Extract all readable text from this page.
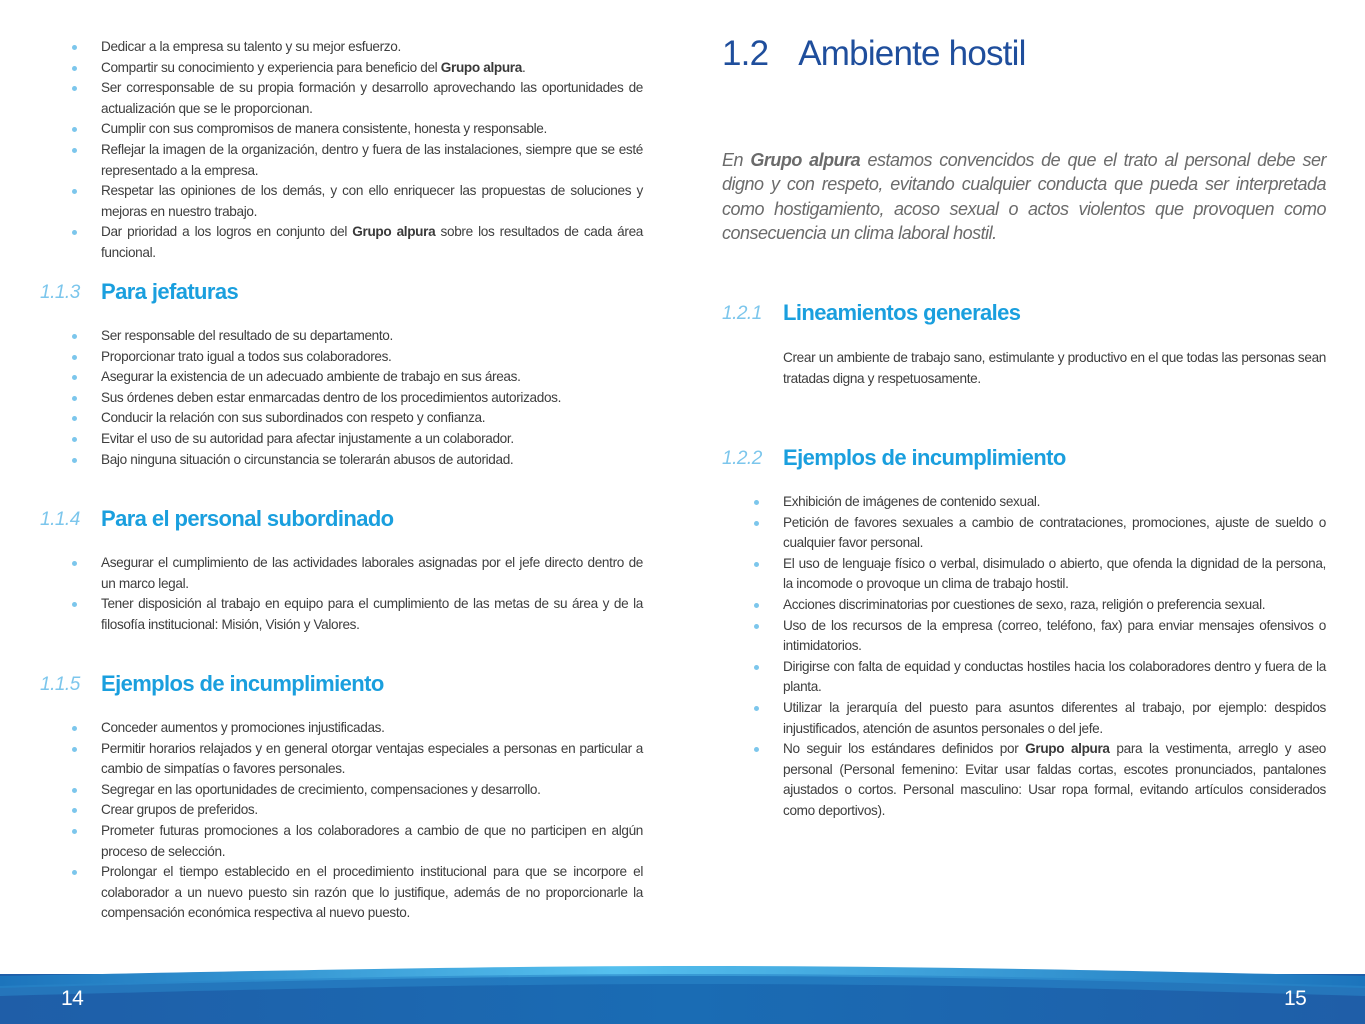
Dedicar a la empresa su talento y su mejor esfuerzo.
Compartir su conocimiento y experiencia para beneficio del Grupo alpura.
Ser corresponsable de su propia formación y desarrollo aprovechando las oportunidades de actualización que se le proporcionan.
Cumplir con sus compromisos de manera consistente, honesta y responsable.
Reflejar la imagen de la organización, dentro y fuera de las instalaciones, siempre que se esté representado a la empresa.
Respetar las opiniones de los demás, y con ello enriquecer las propuestas de soluciones y mejoras en nuestro trabajo.
Dar prioridad a los logros en conjunto del Grupo alpura sobre los resultados de cada área funcional.
1.1.3 Para jefaturas
Ser responsable del resultado de su departamento.
Proporcionar trato igual a todos sus colaboradores.
Asegurar la existencia de un adecuado ambiente de trabajo en sus áreas.
Sus órdenes deben estar enmarcadas dentro de los procedimientos autorizados.
Conducir la relación con sus subordinados con respeto y confianza.
Evitar el uso de su autoridad para afectar injustamente a un colaborador.
Bajo ninguna situación o circunstancia se tolerarán abusos de autoridad.
1.1.4 Para el personal subordinado
Asegurar el cumplimiento de las actividades laborales asignadas por el jefe directo dentro de un marco legal.
Tener disposición al trabajo en equipo para el cumplimiento de las metas de su área y de la filosofía institucional: Misión, Visión y Valores.
1.1.5 Ejemplos de incumplimiento
Conceder aumentos y promociones injustificadas.
Permitir horarios relajados y en general otorgar ventajas especiales a personas en particular a cambio de simpatías o favores personales.
Segregar en las oportunidades de crecimiento, compensaciones y desarrollo.
Crear grupos de preferidos.
Prometer futuras promociones a los colaboradores a cambio de que no participen en algún proceso de selección.
Prolongar el tiempo establecido en el procedimiento institucional para que se incorpore el colaborador a un nuevo puesto sin razón que lo justifique, además de no proporcionarle la compensación económica respectiva al nuevo puesto.
1.2 Ambiente hostil

En Grupo alpura estamos convencidos de que el trato al personal debe ser digno y con respeto, evitando cualquier conducta que pueda ser interpretada como hostigamiento, acoso sexual o actos violentos que provoquen como consecuencia un clima laboral hostil.

1.2.1 Lineamientos generales

Crear un ambiente de trabajo sano, estimulante y productivo en el que todas las personas sean tratadas digna y respetuosamente.

1.2.2 Ejemplos de incumplimiento
Exhibición de imágenes de contenido sexual.
Petición de favores sexuales a cambio de contrataciones, promociones, ajuste de sueldo o cualquier favor personal.
El uso de lenguaje físico o verbal, disimulado o abierto, que ofenda la dignidad de la persona, la incomode o provoque un clima de trabajo hostil.
Acciones discriminatorias por cuestiones de sexo, raza, religión o preferencia sexual.
Uso de los recursos de la empresa (correo, teléfono, fax) para enviar mensajes ofensivos o intimidatorios.
Dirigirse con falta de equidad y conductas hostiles hacia los colaboradores dentro y fuera de la planta.
Utilizar la jerarquía del puesto para asuntos diferentes al trabajo, por ejemplo: despidos injustificados, atención de asuntos personales o del jefe.
No seguir los estándares definidos por Grupo alpura para la vestimenta, arreglo y aseo personal (Personal femenino: Evitar usar faldas cortas, escotes pronunciados, pantalones ajustados o cortos. Personal masculino: Usar ropa formal, evitando artículos considerados como deportivos).
14	15
